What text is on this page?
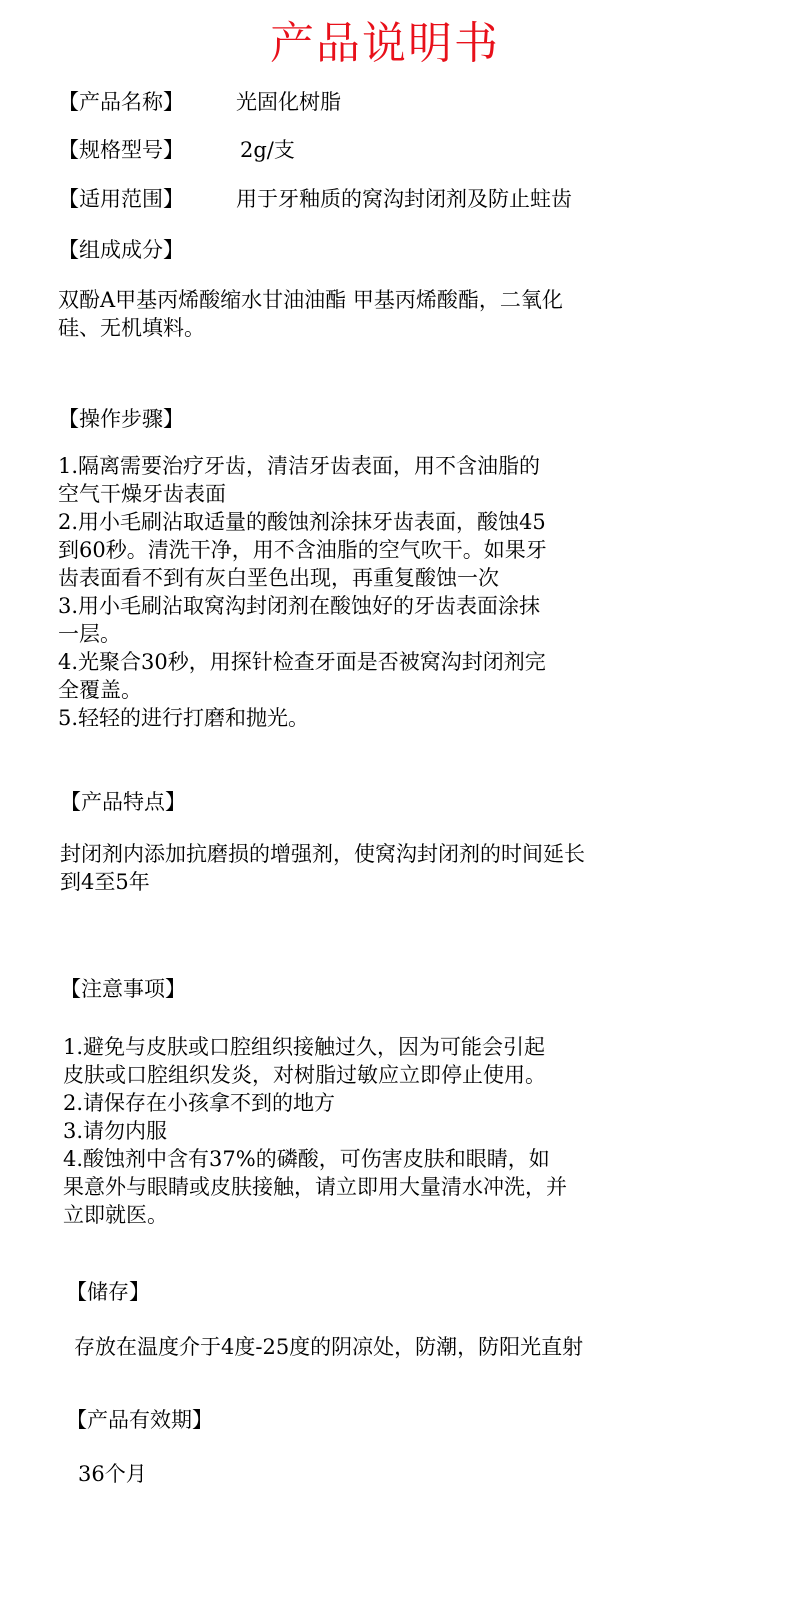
产品说明书
【产品名称】 光固化树脂
【规格型号】	2g/支
【适用范围】 用于牙釉质的窝沟封闭剂及防止蛀齿
【组成成分】
双酚A甲基丙烯酸缩水甘油油酯 甲基丙烯酸酯，二氧化
硅、无机填料。
【操作步骤】
1.隔离需要治疗牙齿，清洁牙齿表面，用不含油脂的
空气干燥牙齿表面
2.用小毛刷沾取适量的酸蚀剂涂抹牙齿表面，酸蚀45
到60秒。清洗干净，用不含油脂的空气吹干。如果牙
齿表面看不到有灰白垩色出现，再重复酸蚀一次
3.用小毛刷沾取窝沟封闭剂在酸蚀好的牙齿表面涂抹
一层。
4.光聚合30秒，用探针检查牙面是否被窝沟封闭剂完
全覆盖。
5.轻轻的进行打磨和抛光。
【产品特点】
封闭剂内添加抗磨损的增强剂，使窝沟封闭剂的时间延长
到4至5年
【注意事项】
1.避免与皮肤或口腔组织接触过久，因为可能会引起
皮肤或口腔组织发炎，对树脂过敏应立即停止使用。
2.请保存在小孩拿不到的地方
3.请勿内服
4.酸蚀剂中含有37%的磷酸，可伤害皮肤和眼睛，如
果意外与眼睛或皮肤接触，请立即用大量清水冲洗，并
立即就医。
【储存】
存放在温度介于4度-25度的阴凉处，防潮，防阳光直射
【产品有效期】
36个月
